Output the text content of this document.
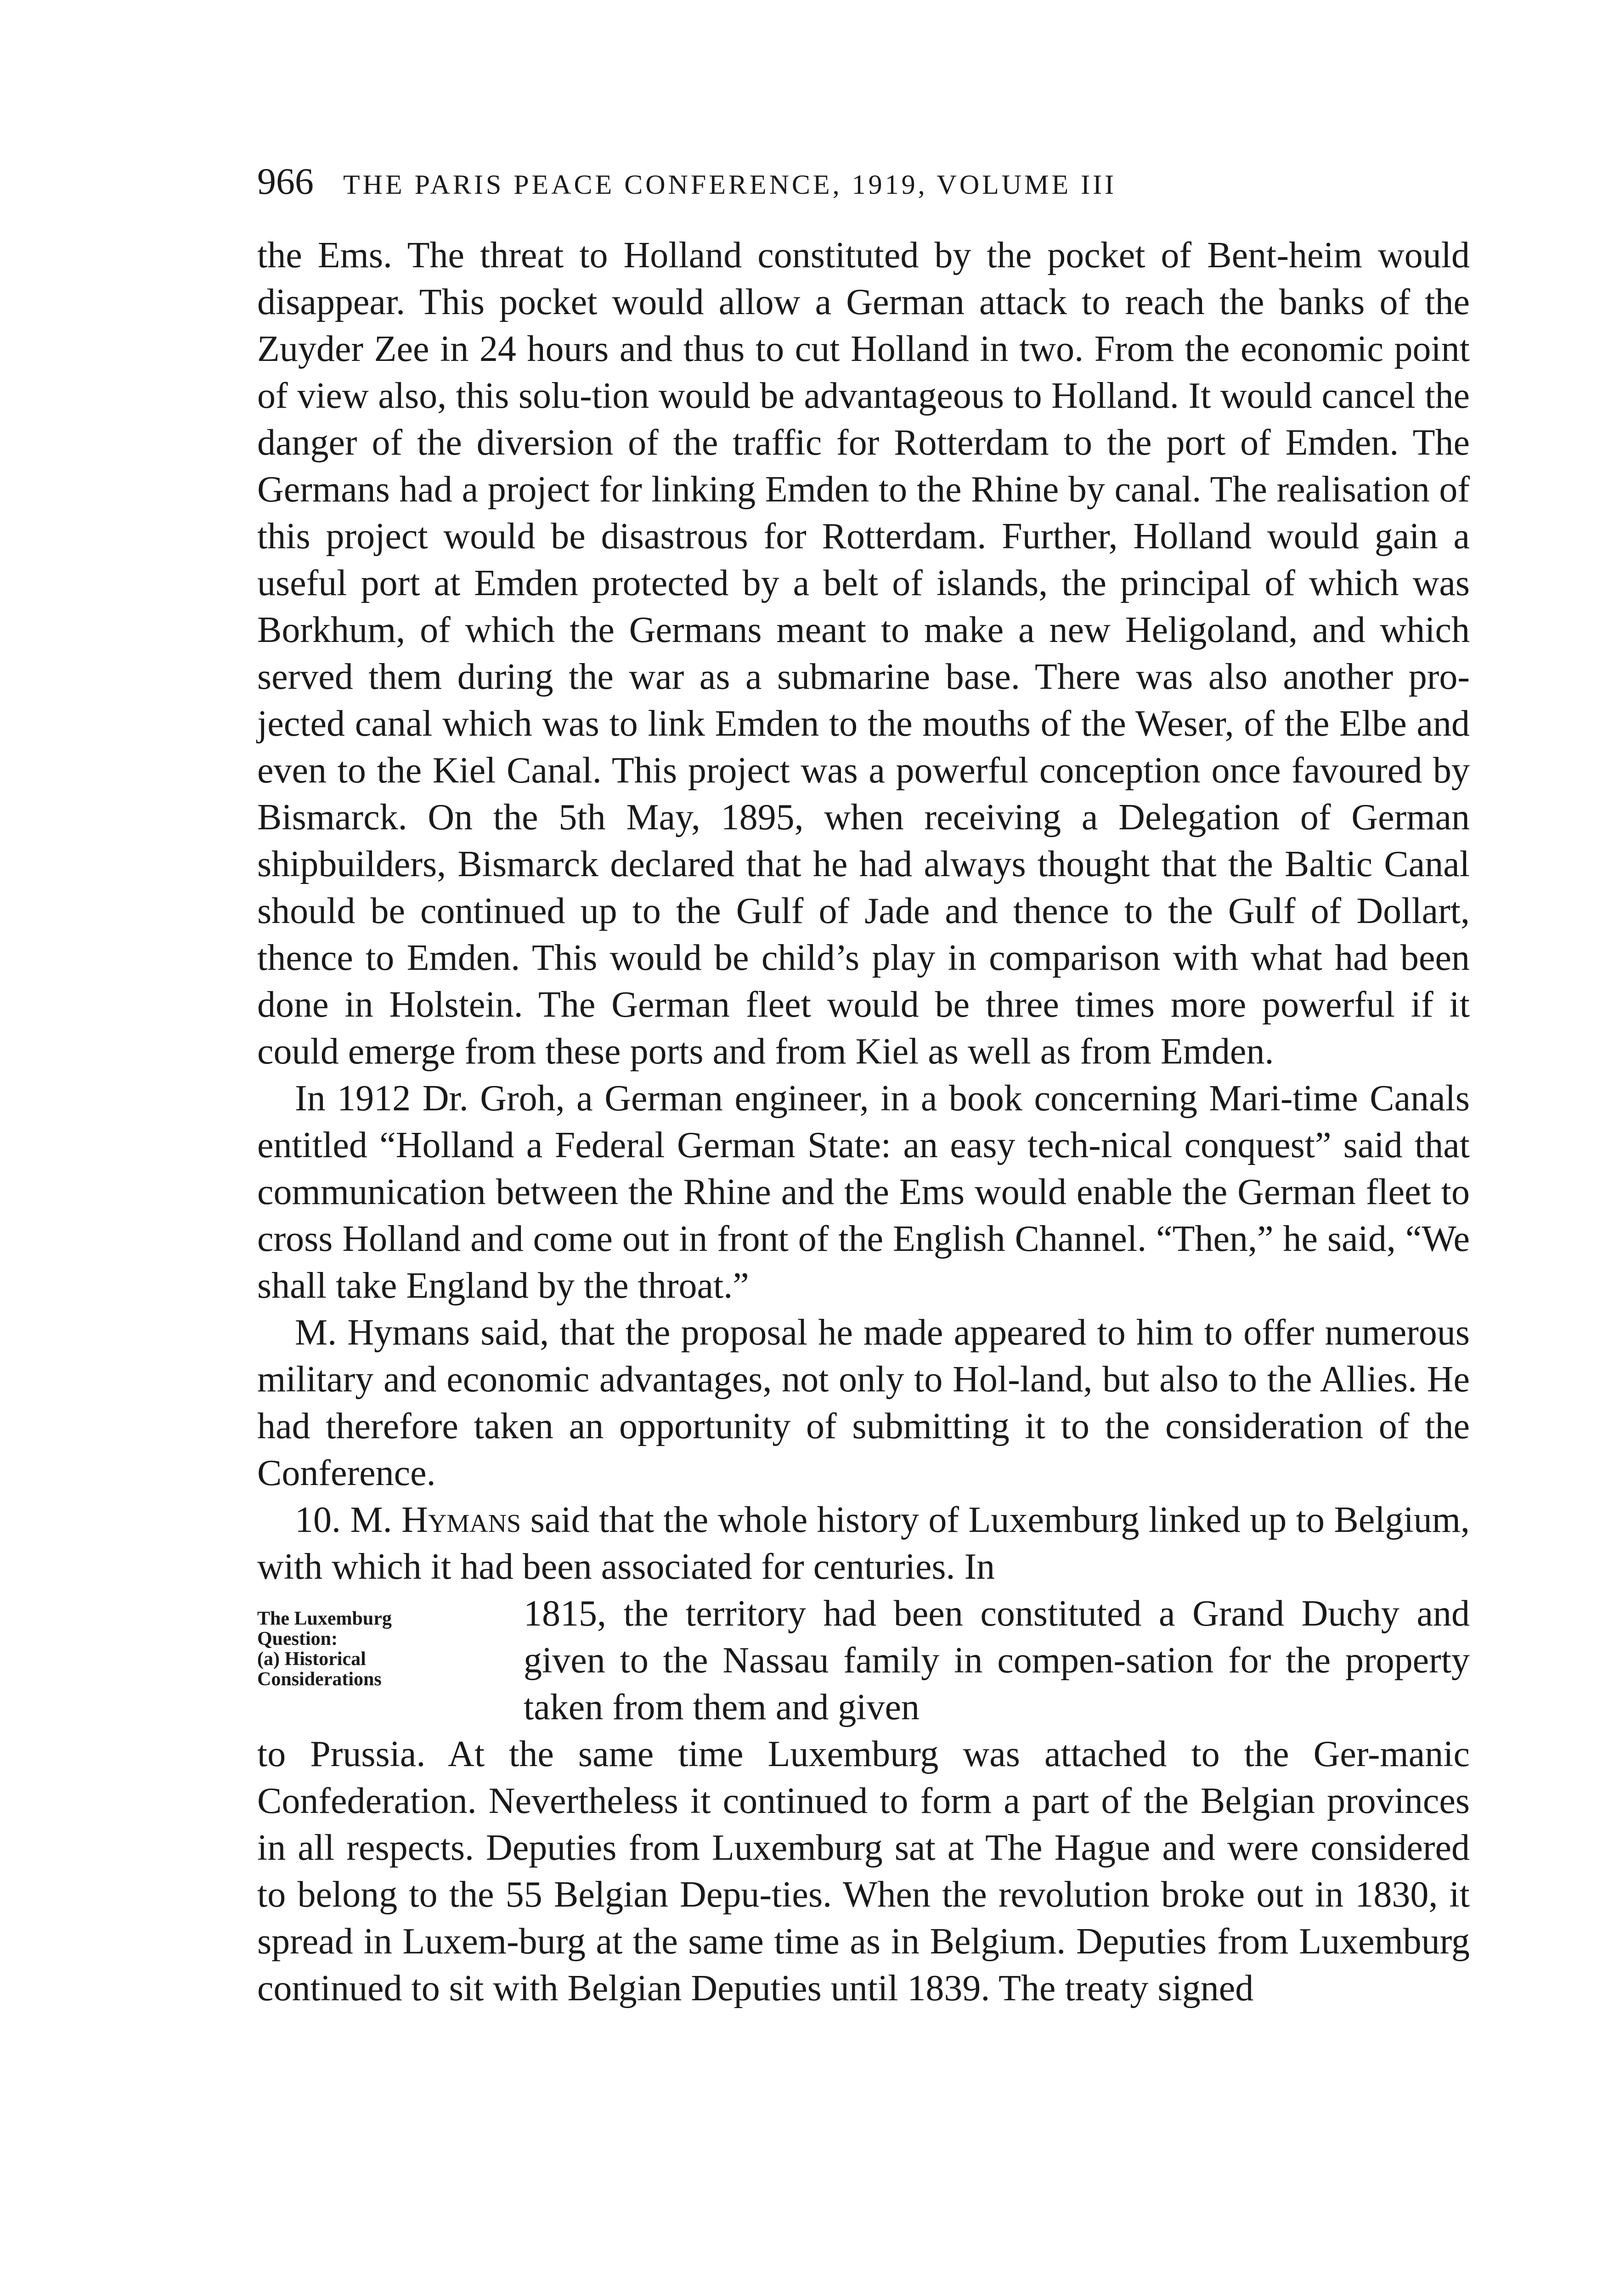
966 THE PARIS PEACE CONFERENCE, 1919, VOLUME III

the Ems. The threat to Holland constituted by the pocket of Bent-heim would disappear. This pocket would allow a German attack to reach the banks of the Zuyder Zee in 24 hours and thus to cut Holland in two. From the economic point of view also, this solu-tion would be advantageous to Holland. It would cancel the danger of the diversion of the traffic for Rotterdam to the port of Emden. The Germans had a project for linking Emden to the Rhine by canal. The realisation of this project would be disastrous for Rotterdam. Further, Holland would gain a useful port at Emden protected by a belt of islands, the principal of which was Borkhum, of which the Germans meant to make a new Heligoland, and which served them during the war as a submarine base. There was also another pro-jected canal which was to link Emden to the mouths of the Weser, of the Elbe and even to the Kiel Canal. This project was a powerful conception once favoured by Bismarck. On the 5th May, 1895, when receiving a Delegation of German shipbuilders, Bismarck declared that he had always thought that the Baltic Canal should be continued up to the Gulf of Jade and thence to the Gulf of Dollart, thence to Emden. This would be child’s play in comparison with what had been done in Holstein. The German fleet would be three times more powerful if it could emerge from these ports and from Kiel as well as from Emden.

In 1912 Dr. Groh, a German engineer, in a book concerning Mari-time Canals entitled “Holland a Federal German State: an easy tech-nical conquest” said that communication between the Rhine and the Ems would enable the German fleet to cross Holland and come out in front of the English Channel. “Then,” he said, “We shall take England by the throat.”

M. Hymans said, that the proposal he made appeared to him to offer numerous military and economic advantages, not only to Hol-land, but also to the Allies. He had therefore taken an opportunity of submitting it to the consideration of the Conference.

10. M. Hymans said that the whole history of Luxemburg linked up to Belgium, with which it had been associated for centuries. In

The Luxemburg
Question:
(a) Historical
Considerations

1815, the territory had been constituted a Grand Duchy and given to the Nassau family in compen-sation for the property taken from them and given

to Prussia. At the same time Luxemburg was attached to the Ger-manic Confederation. Nevertheless it continued to form a part of the Belgian provinces in all respects. Deputies from Luxemburg sat at The Hague and were considered to belong to the 55 Belgian Depu-ties. When the revolution broke out in 1830, it spread in Luxem-burg at the same time as in Belgium. Deputies from Luxemburg continued to sit with Belgian Deputies until 1839. The treaty signed
